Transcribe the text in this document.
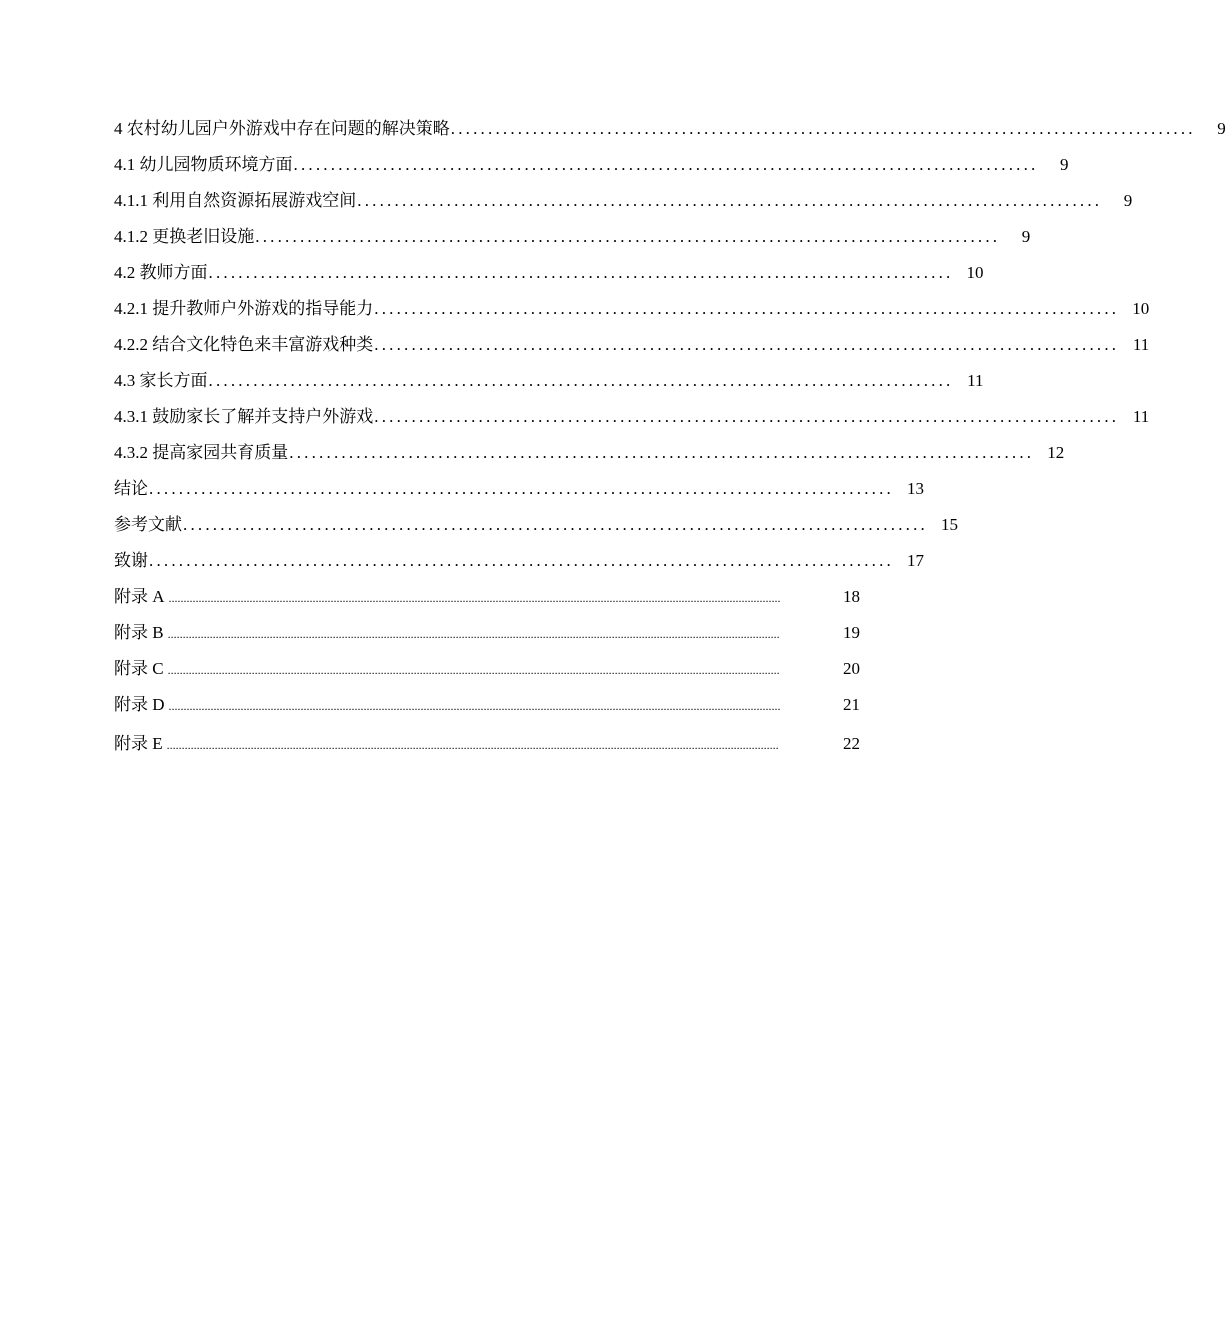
4 农村幼儿园户外游戏中存在问题的解决策略 ....................................................................................................	9
4.1 幼儿园物质环境方面 ....................................................................................................	9
4.1.1 利用自然资源拓展游戏空间 ....................................................................................................	9
4.1.2 更换老旧设施 ....................................................................................................	9
4.2 教师方面 .................................................................................................... 10
4.2.1 提升教师户外游戏的指导能力 .................................................................................................... 10
4.2.2 结合文化特色来丰富游戏种类 .................................................................................................... 11
4.3 家长方面 .................................................................................................... 11
4.3.1 鼓励家长了解并支持户外游戏 .................................................................................................... 11
4.3.2 提高家园共育质量 .................................................................................................... 12
结论 .................................................................................................... 13
参考文献 .................................................................................................... 15
致谢 .................................................................................................... 17
附录 A ............................................................................................................................................................................................................	18
附录 B ............................................................................................................................................................................................................	19
附录 C ............................................................................................................................................................................................................	20
附录 D ............................................................................................................................................................................................................	21
附录 E ............................................................................................................................................................................................................	22
